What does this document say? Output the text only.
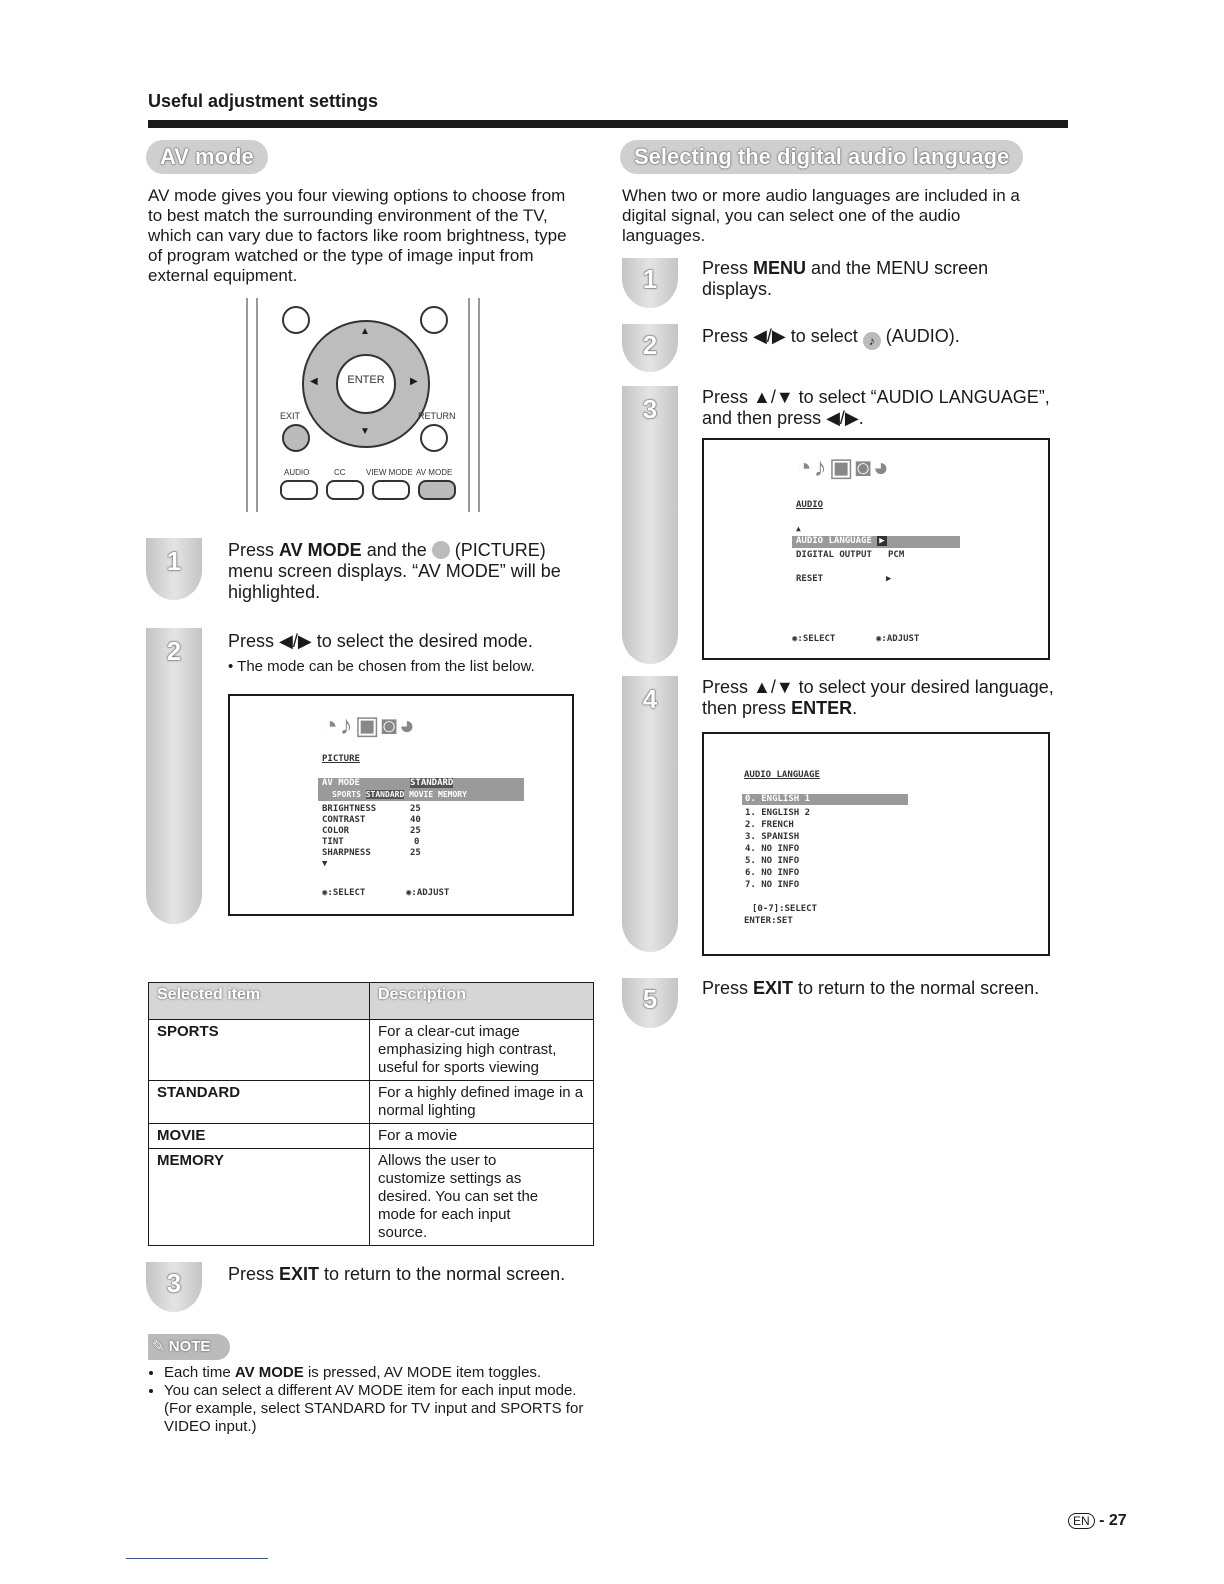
Useful adjustment settings
AV mode
AV mode gives you four viewing options to choose from to best match the surrounding environment of the TV, which can vary due to factors like room brightness, type of program watched or the type of image input from external equipment.
ENTER
▲
▼
◀	▶
EXIT	RETURN
AUDIO	CC	VIEW MODE AV MODE
1	Press AV MODE and the  (PICTURE) menu screen displays. “AV MODE” will be highlighted.
2	Press ◀/▶ to select the desired mode.
• The mode can be chosen from the list below.
◔♪▣◙◕
PICTURE
AV MODE	STANDARD
SPORTS STANDARD MOVIE MEMORY
BRIGHTNESS	25
CONTRAST	40
COLOR	25
TINT	0
SHARPNESS	25
▼
◉:SELECT	◉:ADJUST
Selected item	Description
SPORTS	For a clear-cut image emphasizing high contrast, useful for sports viewing
STANDARD	For a highly defined image in a normal lighting
MOVIE	For a movie
MEMORY	Allows the user to customize settings as desired. You can set the mode for each input source.
3	Press EXIT to return to the normal screen.
✎ NOTE
• Each time AV MODE is pressed, AV MODE item toggles.
• You can select a different AV MODE item for each input mode. (For example, select STANDARD for TV input and SPORTS for VIDEO input.)
Selecting the digital audio language
When two or more audio languages are included in a digital signal, you can select one of the audio languages.
1	Press MENU and the MENU screen displays.
2	Press ◀/▶ to select ♪ (AUDIO).
3	Press ▲/▼ to select “AUDIO LANGUAGE”, and then press ◀/▶.
◔♪▣◙◕
AUDIO
▲
AUDIO LANGUAGE ▶
DIGITAL OUTPUT PCM
RESET	▶
◉:SELECT	◉:ADJUST
4	Press ▲/▼ to select your desired language, then press ENTER.
AUDIO LANGUAGE
0. ENGLISH 1
1. ENGLISH 2
2. FRENCH
3. SPANISH
4. NO INFO
5. NO INFO
6. NO INFO
7. NO INFO
[0-7]:SELECT
ENTER:SET
5	Press EXIT to return to the normal screen.
EN - 27
